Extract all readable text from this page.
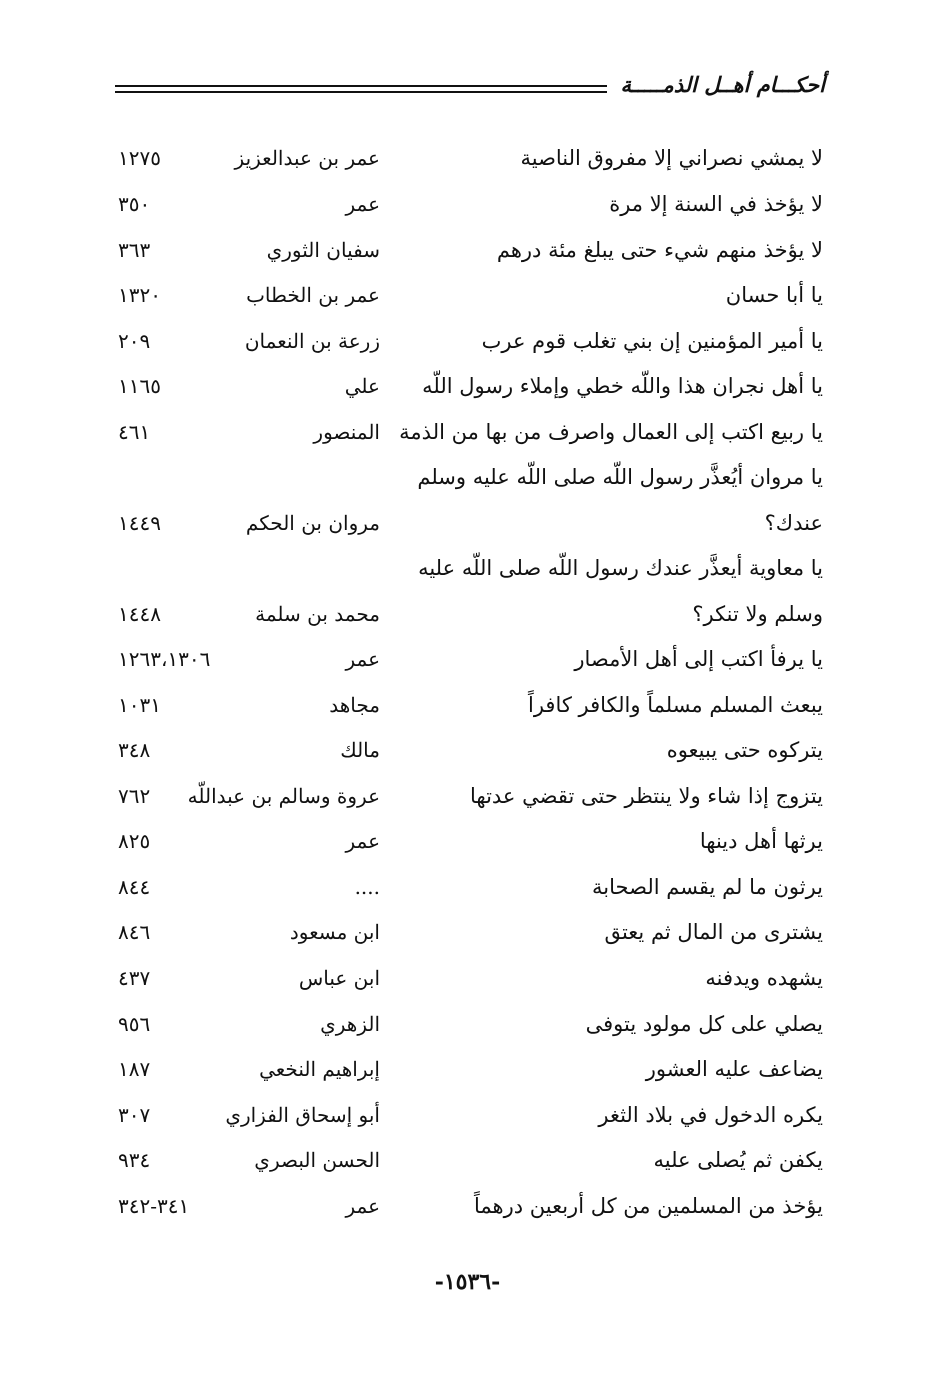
أحكـــام أهــل الذمـــــة
لا يمشي نصراني إلا مفروق الناصية
عمر بن عبدالعزيز
١٢٧٥
لا يؤخذ في السنة إلا مرة
عمر
٣٥٠
لا يؤخذ منهم شيء حتى يبلغ مئة درهم
سفيان الثوري
٣٦٣
يا أبا حسان
عمر بن الخطاب
١٣٢٠
يا أمير المؤمنين إن بني تغلب قوم عرب
زرعة بن النعمان
٢٠٩
يا أهل نجران هذا واللّه خطي وإملاء رسول اللّه
علي
١١٦٥
يا ربيع اكتب إلى العمال واصرف من بها من الذمة
المنصور
٤٦١
يا مروان أيُعذَّر رسول اللّه صلى اللّه عليه وسلم
عندك؟
مروان بن الحكم
١٤٤٩
يا معاوية أيعذَّر عندك رسول اللّه صلى اللّه عليه
وسلم ولا تنكر؟
محمد بن سلمة
١٤٤٨
يا يرفأ اكتب إلى أهل الأمصار
عمر
١٢٦٣،١٣٠٦
يبعث المسلم مسلماً والكافر كافراً
مجاهد
١٠٣١
يتركوه حتى يبيعوه
مالك
٣٤٨
يتزوج إذا شاء ولا ينتظر حتى تقضي عدتها
عروة وسالم بن عبداللّه
٧٦٢
يرثها أهل دينها
عمر
٨٢٥
يرثون ما لم يقسم الصحابة
....
٨٤٤
يشترى من المال ثم يعتق
ابن مسعود
٨٤٦
يشهده ويدفنه
ابن عباس
٤٣٧
يصلي على كل مولود يتوفى
الزهري
٩٥٦
يضاعف عليه العشور
إبراهيم النخعي
١٨٧
يكره الدخول في بلاد الثغر
أبو إسحاق الفزاري
٣٠٧
يكفن ثم يُصلى عليه
الحسن البصري
٩٣٤
يؤخذ من المسلمين من كل أربعين درهماً
عمر
٣٤١-٣٤٢
-١٥٣٦-
